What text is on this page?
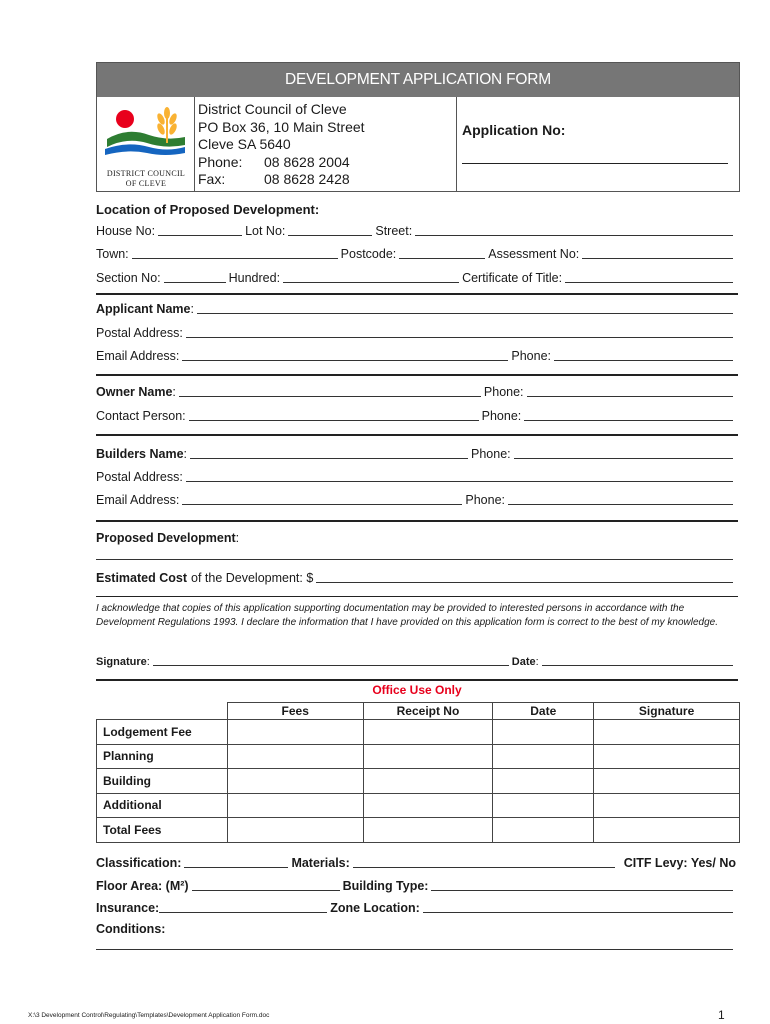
DEVELOPMENT APPLICATION FORM
DISTRICT COUNCIL
OF CLEVE
District Council of Cleve
PO Box 36, 10 Main Street
Cleve SA 5640
Phone:	08 8628 2004
Fax:	08 8628 2428
Application No:
Location of Proposed Development:
House No:	Lot No:	Street:
Town:	Postcode:	Assessment No:
Section No:	Hundred:	Certificate of Title:
Applicant Name :
Postal Address:
Email Address:	Phone:
Owner Name :	Phone:
Contact Person:	Phone:
Builders Name :	Phone:
Postal Address:
Email Address:	Phone:
Proposed Development :
Estimated Cost of the Development: $
I acknowledge that copies of this application supporting documentation may be provided to interested persons in accordance with the Development Regulations 1993. I declare the information that I have provided on this application form is correct to the best of my knowledge.
Signature :	Date :
Office Use Only
	Fees	Receipt No	Date	Signature
Lodgement Fee				
Planning				
Building				
Additional				
Total Fees				
Classification:	Materials:	CITF Levy: Yes/ No
Floor Area: (M²)	Building Type:
Insurance:	Zone Location:
Conditions:
X:\3 Development Control\Regulating\Templates\Development Application Form.doc	1
